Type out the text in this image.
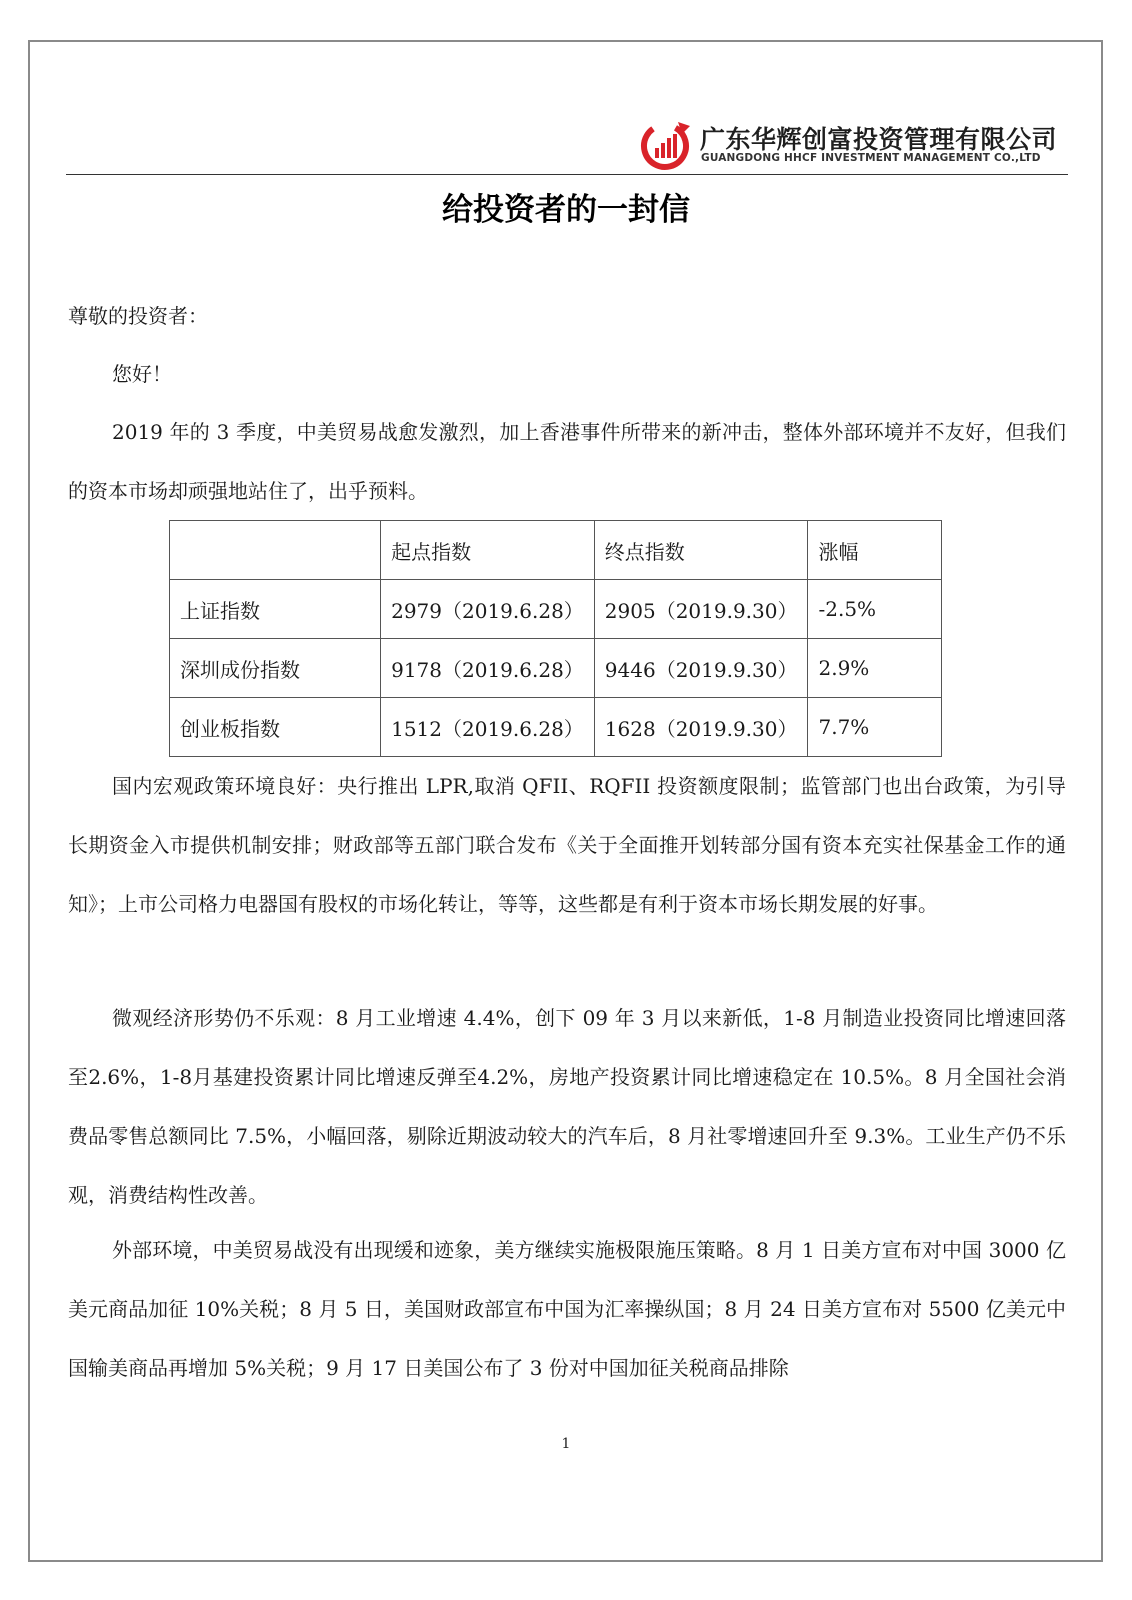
广东华辉创富投资管理有限公司
GUANGDONG HHCF INVESTMENT MANAGEMENT CO.,LTD
给投资者的一封信
尊敬的投资者：
您好！
2019 年的 3 季度，中美贸易战愈发激烈，加上香港事件所带来的新冲击，整体外部环境并不友好，但我们的资本市场却顽强地站住了，出乎预料。
	起点指数	终点指数	涨幅
上证指数	2979（2019.6.28）	2905（2019.9.30）	-2.5%
深圳成份指数	9178（2019.6.28）	9446（2019.9.30）	2.9%
创业板指数	1512（2019.6.28）	1628（2019.9.30）	7.7%
国内宏观政策环境良好：央行推出 LPR,取消 QFII、RQFII 投资额度限制；监管部门也出台政策，为引导长期资金入市提供机制安排；财政部等五部门联合发布《关于全面推开划转部分国有资本充实社保基金工作的通知》；上市公司格力电器国有股权的市场化转让，等等，这些都是有利于资本市场长期发展的好事。
微观经济形势仍不乐观：8 月工业增速 4.4%，创下 09 年 3 月以来新低，1-8 月制造业投资同比增速回落至2.6%，1-8月基建投资累计同比增速反弹至4.2%，房地产投资累计同比增速稳定在 10.5%。8 月全国社会消费品零售总额同比 7.5%，小幅回落，剔除近期波动较大的汽车后，8 月社零增速回升至 9.3%。工业生产仍不乐观，消费结构性改善。
外部环境，中美贸易战没有出现缓和迹象，美方继续实施极限施压策略。8 月 1 日美方宣布对中国 3000 亿美元商品加征 10%关税；8 月 5 日，美国财政部宣布中国为汇率操纵国；8 月 24 日美方宣布对 5500 亿美元中国输美商品再增加 5%关税；9 月 17 日美国公布了 3 份对中国加征关税商品排除
1
